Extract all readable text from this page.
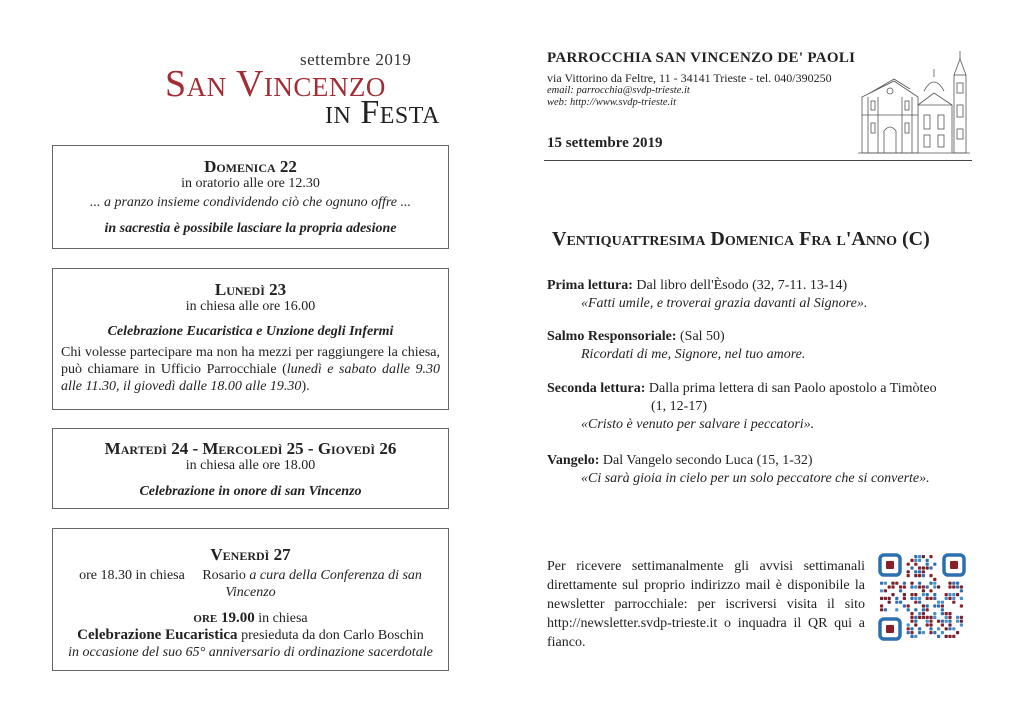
settembre 2019
San Vincenzo
in Festa
Domenica 22
in oratorio alle ore 12.30
... a pranzo insieme condividendo ciò che ognuno offre ...
in sacrestia è possibile lasciare la propria adesione
Lunedì 23
in chiesa alle ore 16.00
Celebrazione Eucaristica e Unzione degli Infermi
Chi volesse partecipare ma non ha mezzi per raggiungere la chiesa, può chiamare in Ufficio Parrocchiale (lunedì e sabato dalle 9.30 alle 11.30, il giovedì dalle 18.00 alle 19.30).
Martedì 24 - Mercoledì 25 - Giovedì 26
in chiesa alle ore 18.00
Celebrazione in onore di san Vincenzo
Venerdì 27
ore 18.30 in chiesa Rosario a cura della Conferenza di san Vincenzo
ore 19.00 in chiesa
Celebrazione Eucaristica presieduta da don Carlo Boschin
in occasione del suo 65° anniversario di ordinazione sacerdotale
PARROCCHIA SAN VINCENZO DE' PAOLI
via Vittorino da Feltre, 11 - 34141 Trieste - tel. 040/390250
email: parrocchia@svdp-trieste.it
web: http://www.svdp-trieste.it
15 settembre 2019
Ventiquattresima Domenica Fra l'Anno (C)
Prima lettura: Dal libro dell'Èsodo (32, 7-11. 13-14)
«Fatti umile, e troverai grazia davanti al Signore».
Salmo Responsoriale: (Sal 50)
Ricordati di me, Signore, nel tuo amore.
Seconda lettura: Dalla prima lettera di san Paolo apostolo a Timòteo
(1, 12-17)
«Cristo è venuto per salvare i peccatori».
Vangelo: Dal Vangelo secondo Luca (15, 1-32)
«Ci sarà gioia in cielo per un solo peccatore che si converte».
Per ricevere settimanalmente gli avvisi settimanali direttamente sul proprio indirizzo mail è disponibile la newsletter parrocchiale: per iscriversi visita il sito http://newsletter.svdp-trieste.it o inquadra il QR qui a fianco.
